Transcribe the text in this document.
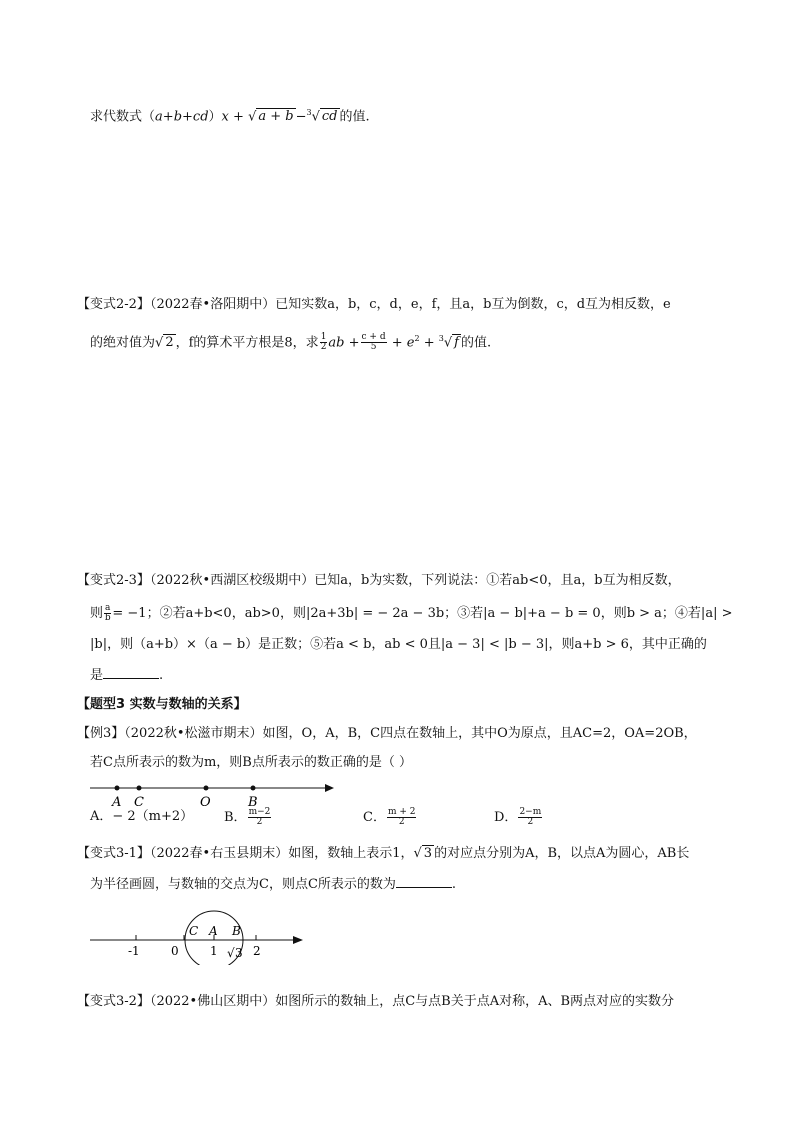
求代数式（a+b+cd）x + √ a + b −$^3$√ cd 的值.
【变式2-2】（2022春•洛阳期中）已知实数a，b，c，d，e，f，且a，b互为倒数，c，d互为相反数，e
的绝对值为√ 2 ，f的算术平方根是8，求 $\frac{1}{2}$ ab + $\frac{c + d}{5} + e^2 + ^3√$ f 的值.
【变式2-3】（2022秋•西湖区校级期中）已知a，b为实数，下列说法：①若ab<0，且a，b互为相反数，
则 $\frac{a}{b} = -1$；②若a+b<0，ab>0，则|2a+3b| = − 2a − 3b；③若|a − b|+a − b = 0，则b > a；④若|a| >
|b|，则（a+b）×（a − b）是正数；⑤若a < b，ab < 0且|a − 3| < |b − 3|，则a+b > 6，其中正确的
是	.
【题型3 实数与数轴的关系】
【例3】（2022秋•松滋市期末）如图，O，A，B，C四点在数轴上，其中O为原点，且AC=2，OA=2OB，
若C点所表示的数为m，则B点所表示的数正确的是（ ）
A C	O	B
A．− 2（m+2） B． $\frac{m-2}{2}$	C． $\frac{m + 2}{2}$	D． $\frac{2-m}{2}$
【变式3-1】（2022春•右玉县期末）如图，数轴上表示1，√ 3 的对应点分别为A，B，以点A为圆心，AB长
为半径画圆，与数轴的交点为C，则点C所表示的数为	.
-1	0	1	2
C A B
√ 3
【变式3-2】（2022•佛山区期中）如图所示的数轴上，点C与点B关于点A对称，A、B两点对应的实数分
